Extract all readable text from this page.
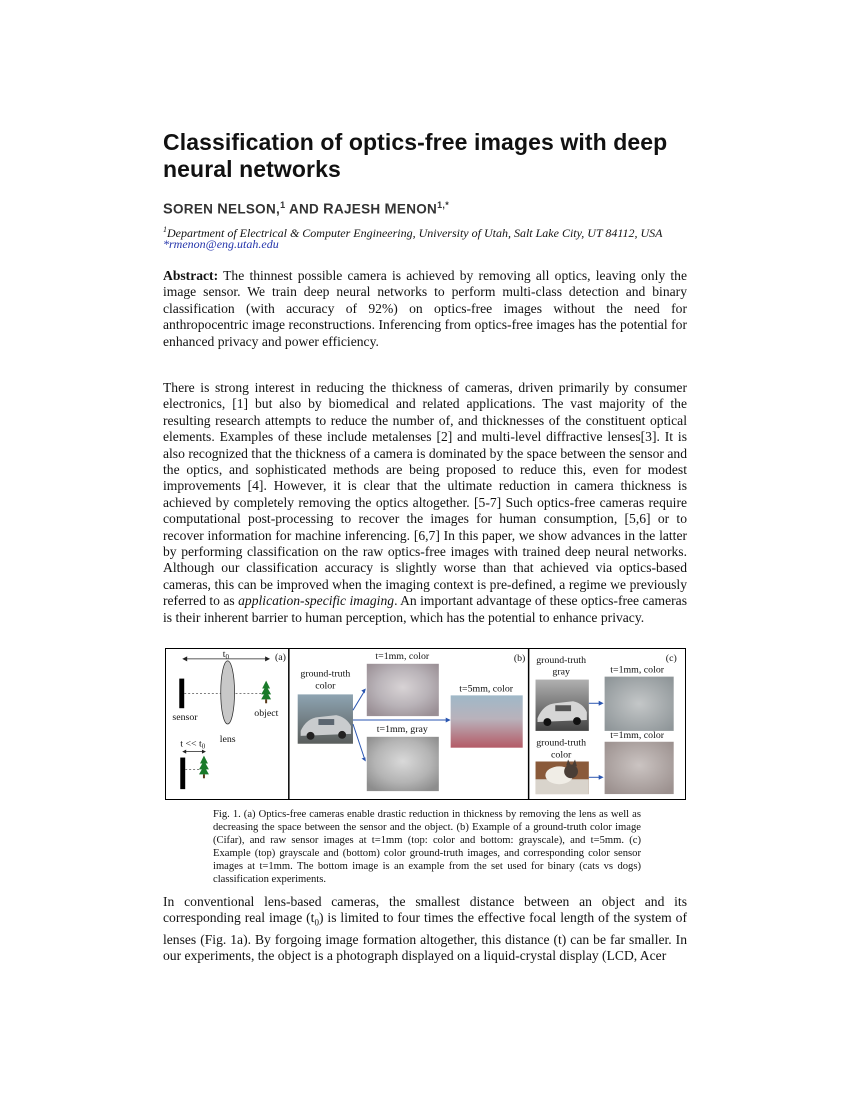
Classification of optics-free images with deep neural networks
SOREN NELSON,$^1$ AND RAJESH $MENON^{1,*}$
$^1$Department of Electrical & Computer Engineering, University of Utah, Salt Lake City, UT 84112, USA
*rmenon@eng.utah.edu
Abstract: The thinnest possible camera is achieved by removing all optics, leaving only the image sensor. We train deep neural networks to perform multi-class detection and binary classification (with accuracy of 92%) on optics-free images without the need for anthropocentric image reconstructions. Inferencing from optics-free images has the potential for enhanced privacy and power efficiency.
There is strong interest in reducing the thickness of cameras, driven primarily by consumer electronics, [1] but also by biomedical and related applications. The vast majority of the resulting research attempts to reduce the number of, and thicknesses of the constituent optical elements. Examples of these include metalenses [2] and multi-level diffractive lenses[3]. It is also recognized that the thickness of a camera is dominated by the space between the sensor and the optics, and sophisticated methods are being proposed to reduce this, even for modest improvements [4]. However, it is clear that the ultimate reduction in camera thickness is achieved by completely removing the optics altogether. [5-7] Such optics-free cameras require computational post-processing to recover the images for human consumption, [5,6] or to recover information for machine inferencing. [6,7] In this paper, we show advances in the latter by performing classification on the raw optics-free images with trained deep neural networks. Although our classification accuracy is slightly worse than that achieved via optics-based cameras, this can be improved when the imaging context is pre-defined, a regime we previously referred to as application-specific imaging. An important advantage of these optics-free cameras is their inherent barrier to human perception, which has the potential to enhance privacy.
(a)
$t_0$
sensor	object
lens
$t << t_0$
(b)
ground-truth
color
t=1mm, color
t=1mm, gray
t=5mm, color
(c)
ground-truth
gray	t=1mm, color
ground-truth
color
t=1mm, color
Fig. 1. (a) Optics-free cameras enable drastic reduction in thickness by removing the lens as well as decreasing the space between the sensor and the object. (b) Example of a ground-truth color image (Cifar), and raw sensor images at t=1mm (top: color and bottom: grayscale), and t=5mm. (c) Example (top) grayscale and (bottom) color ground-truth images, and corresponding color sensor images at t=1mm. The bottom image is an example from the set used for binary (cats vs dogs) classification experiments.
In conventional lens-based cameras, the smallest distance between an object and its corresponding real image $(t_0)$ is limited to four times the effective focal length of the system of lenses (Fig. 1a). By forgoing image formation altogether, this distance (t) can be far smaller. In our experiments, the object is a photograph displayed on a liquid-crystal display (LCD, Acer
